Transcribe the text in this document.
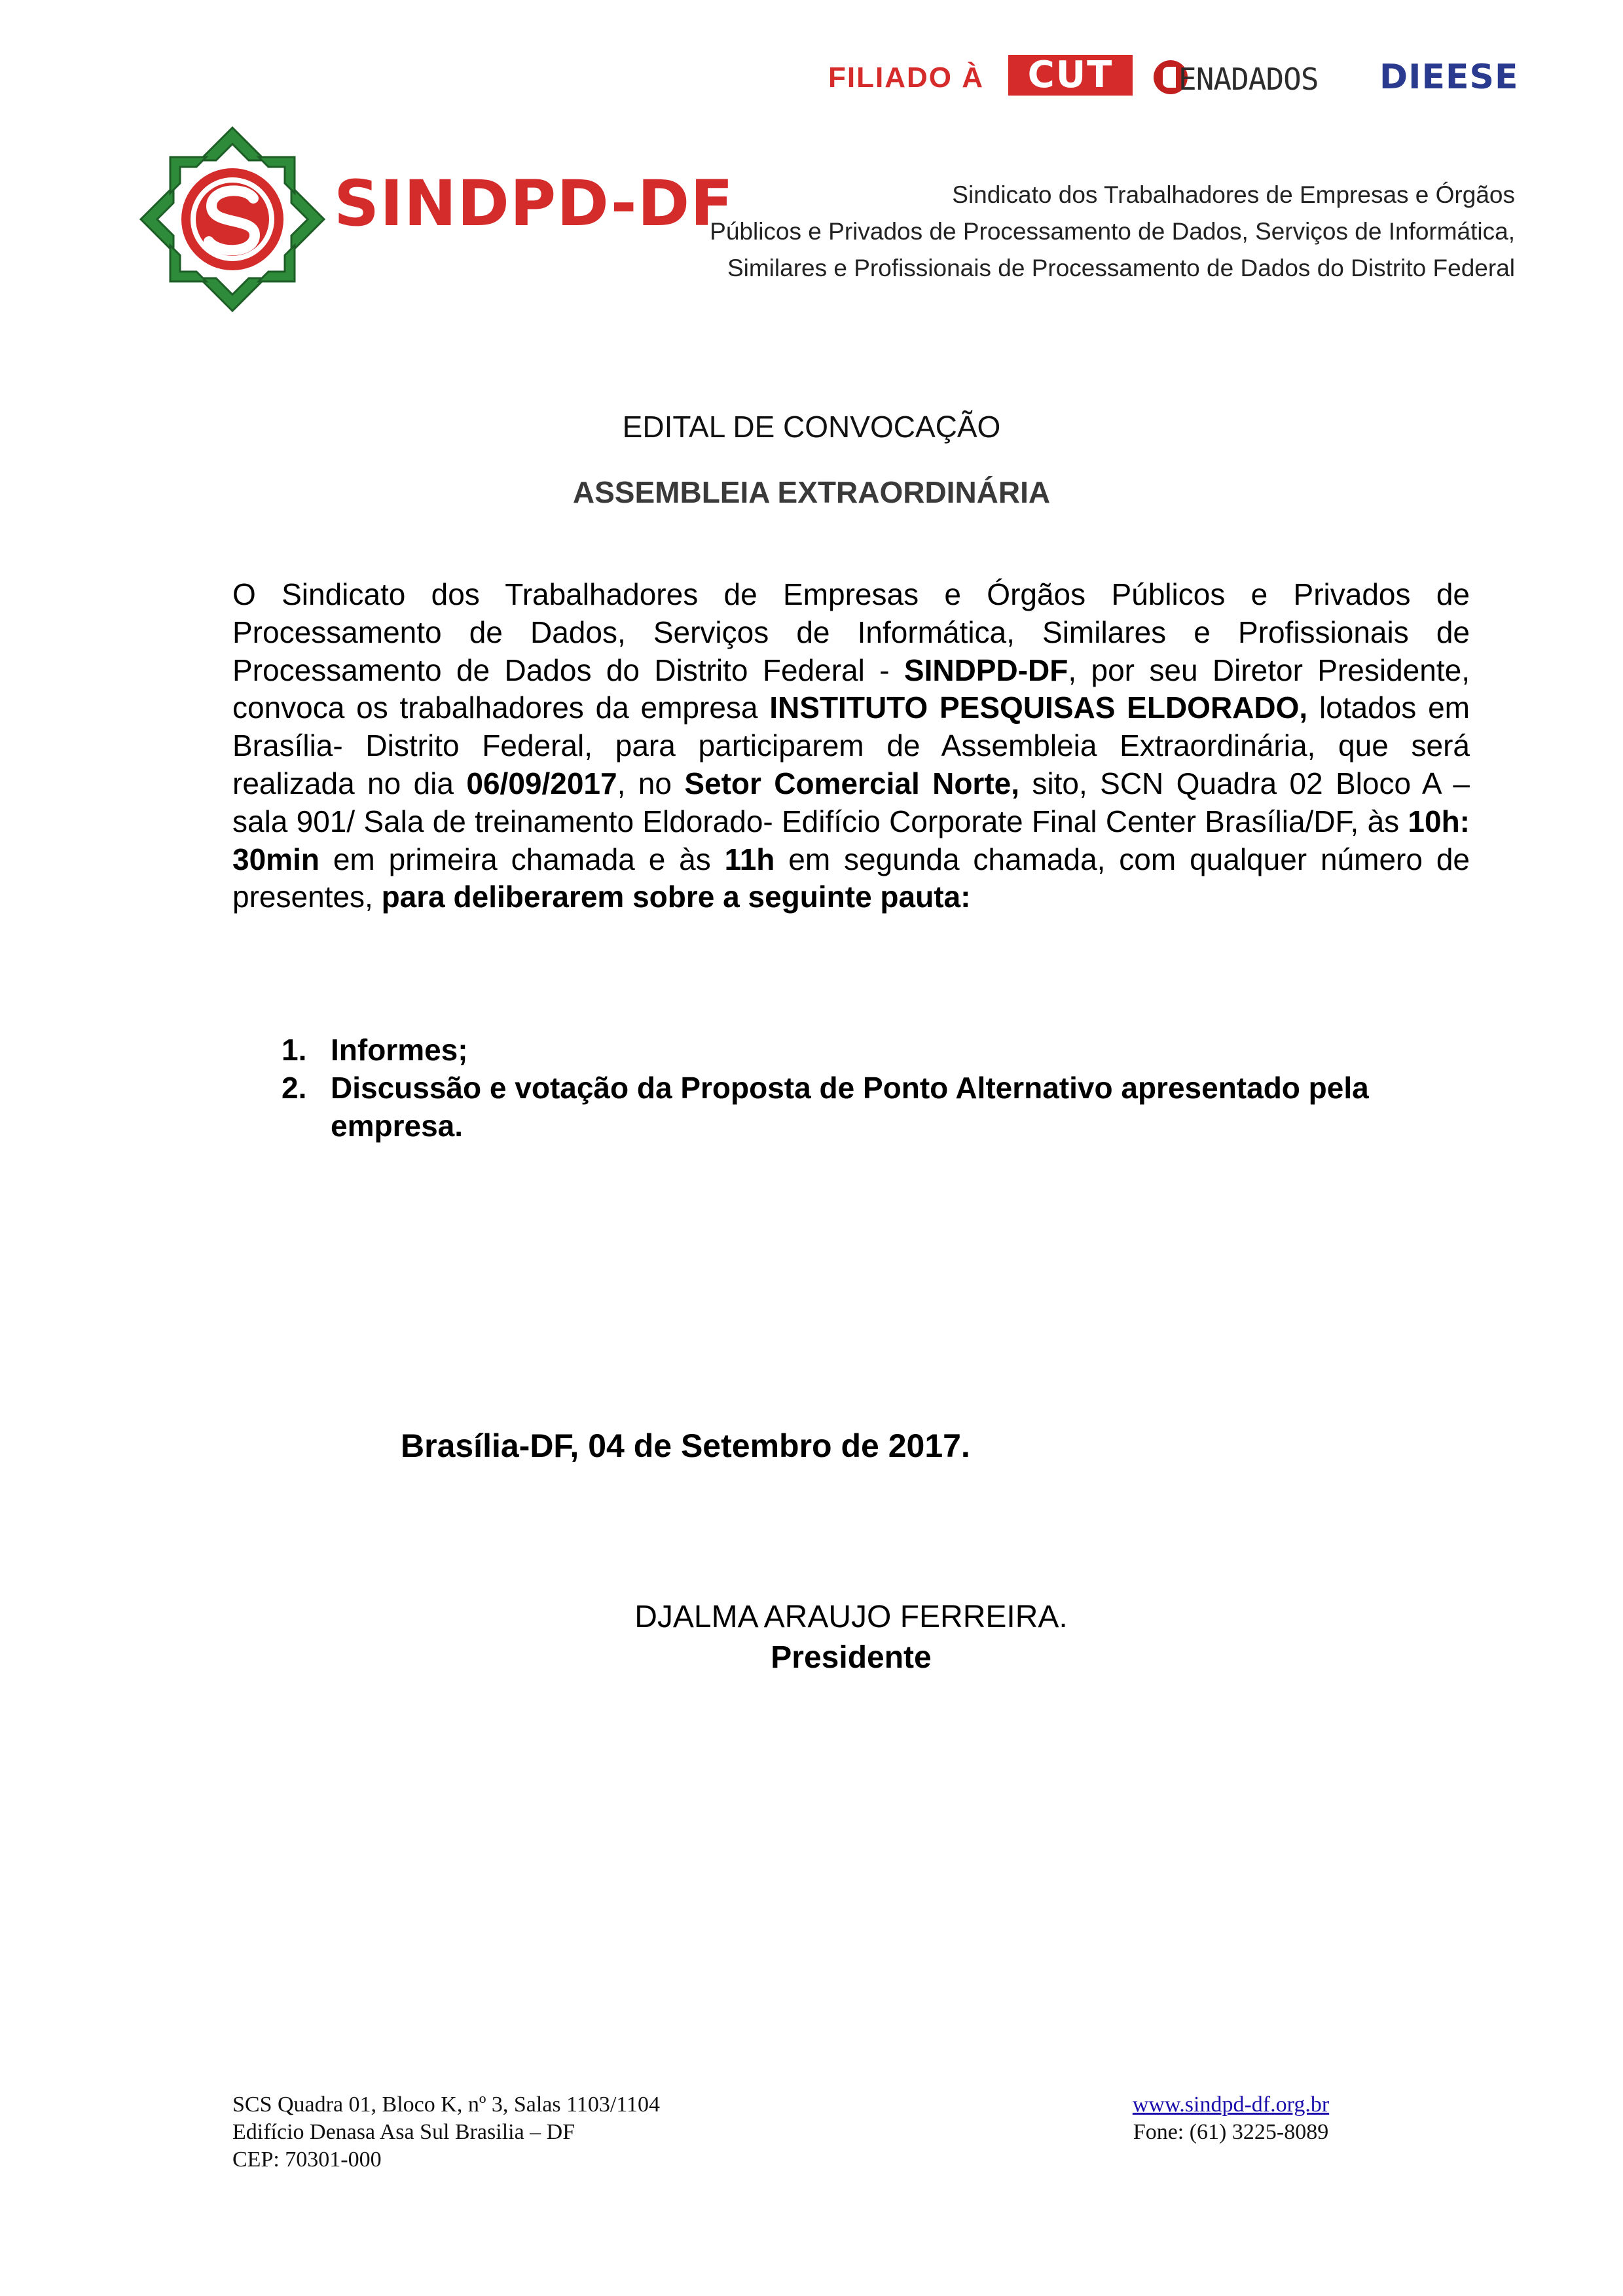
FILIADO À	CUT	ENADADOS DIEESE
SINDPD-DF	Sindicato dos Trabalhadores de Empresas e Órgãos
Públicos e Privados de Processamento de Dados, Serviços de Informática,
Similares e Profissionais de Processamento de Dados do Distrito Federal
EDITAL DE CONVOCAÇÃO
ASSEMBLEIA EXTRAORDINÁRIA
O Sindicato dos Trabalhadores de Empresas e Órgãos Públicos e Privados de Processamento de Dados, Serviços de Informática, Similares e Profissionais de Processamento de Dados do Distrito Federal - SINDPD-DF, por seu Diretor Presidente, convoca os trabalhadores da empresa INSTITUTO PESQUISAS ELDORADO, lotados em Brasília- Distrito Federal, para participarem de Assembleia Extraordinária, que será realizada no dia 06/09/2017, no Setor Comercial Norte, sito, SCN Quadra 02 Bloco A – sala 901/ Sala de treinamento Eldorado- Edifício Corporate Final Center Brasília/DF, às 10h: 30min em primeira chamada e às 11h em segunda chamada, com qualquer número de presentes, para deliberarem sobre a seguinte pauta:
1. Informes;
2. Discussão e votação da Proposta de Ponto Alternativo apresentado pela empresa.
Brasília-DF, 04 de Setembro de 2017.
DJALMA ARAUJO FERREIRA.
Presidente
SCS Quadra 01, Bloco K, nº 3, Salas 1103/1104
Edifício Denasa Asa Sul Brasilia – DF
CEP: 70301-000
www.sindpd-df.org.br
Fone: (61) 3225-8089
